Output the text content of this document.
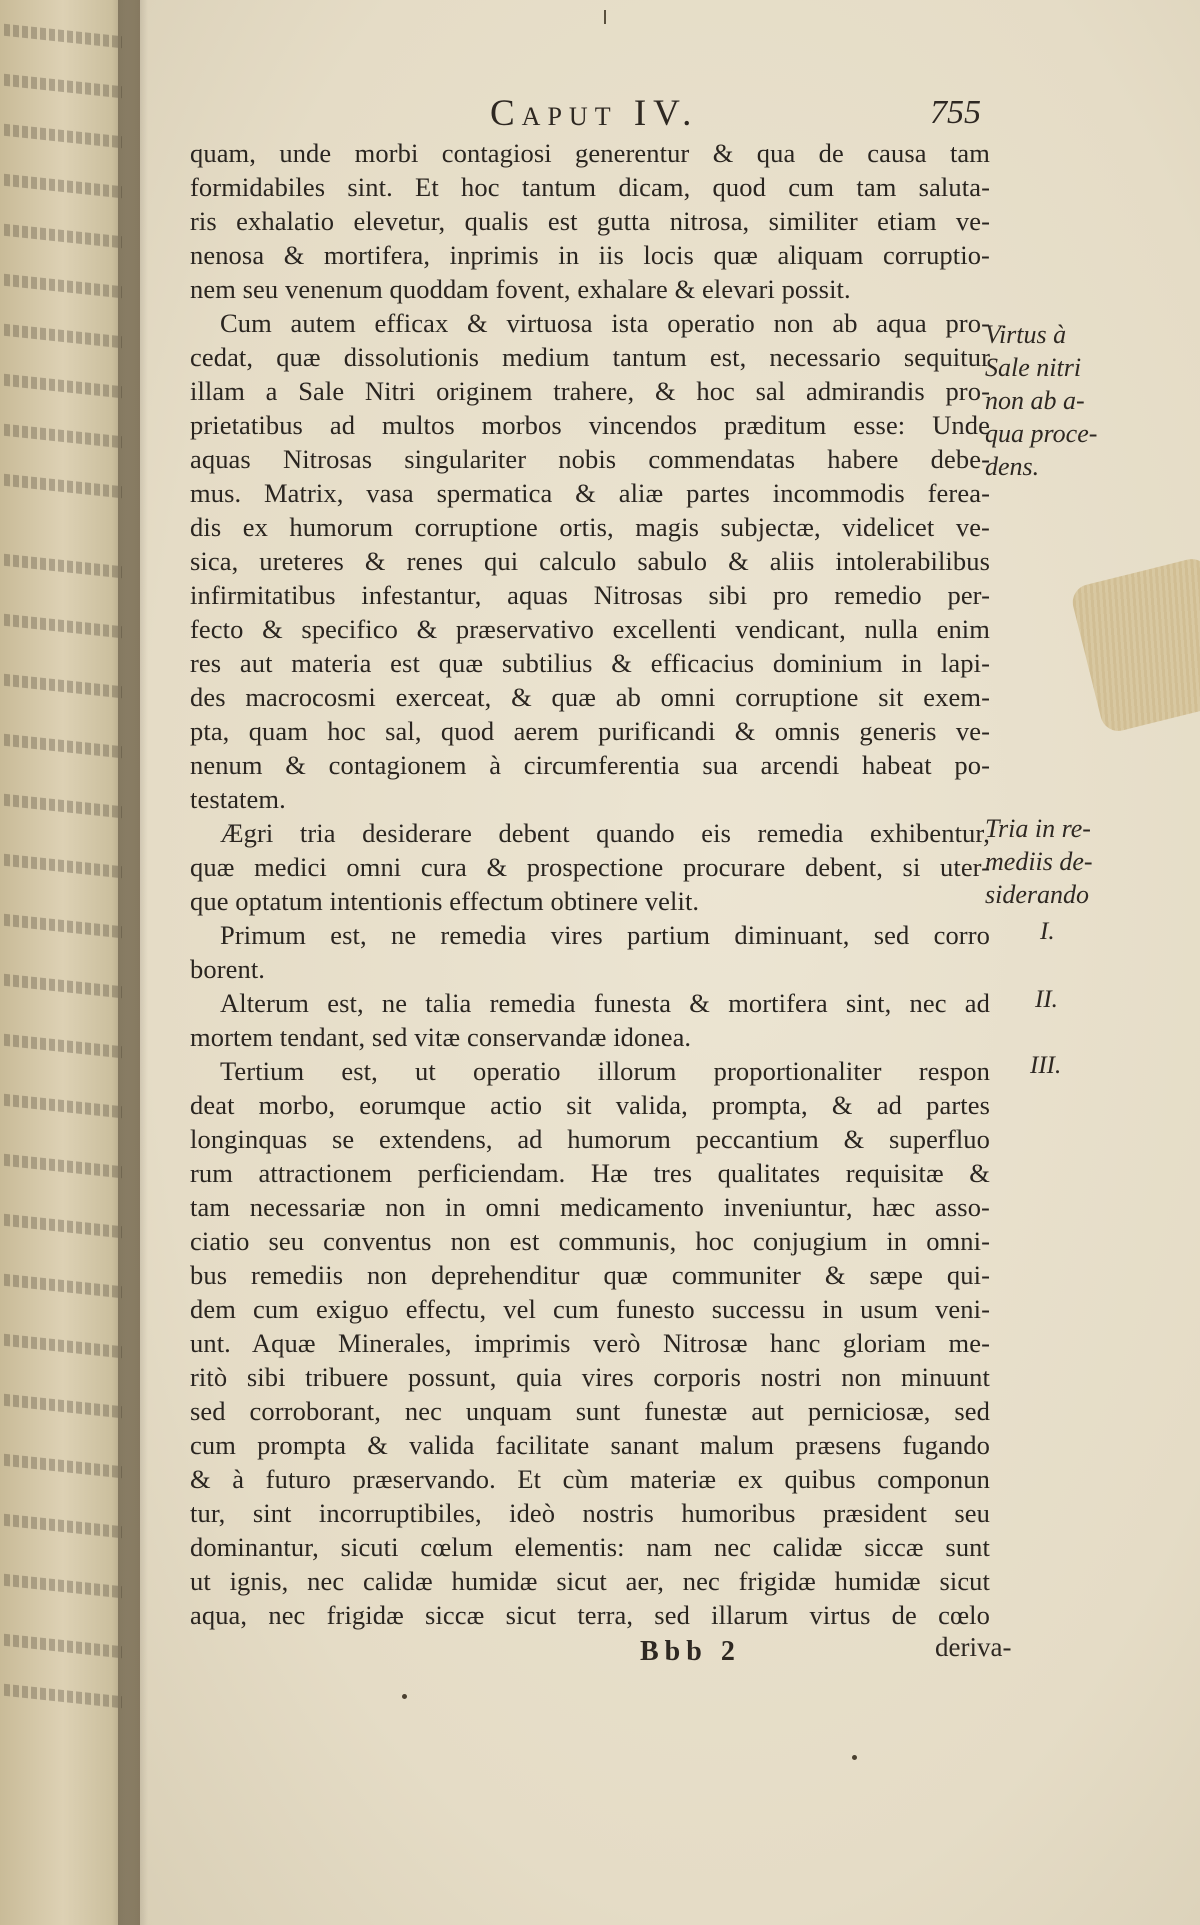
Caput IV.	755
quam, unde morbi contagiosi generentur & qua de causa tam
formidabiles sint. Et hoc tantum dicam, quod cum tam saluta-
ris exhalatio elevetur, qualis est gutta nitrosa, similiter etiam ve-
nenosa & mortifera, inprimis in iis locis quæ aliquam corruptio-
nem seu venenum quoddam fovent, exhalare & elevari possit.
Cum autem efficax & virtuosa ista operatio non ab aqua pro-
cedat, quæ dissolutionis medium tantum est, necessario sequitur
illam a Sale Nitri originem trahere, & hoc sal admirandis pro-
prietatibus ad multos morbos vincendos præditum esse: Unde
aquas Nitrosas singulariter nobis commendatas habere debe-
mus. Matrix, vasa spermatica & aliæ partes incommodis ferea-
dis ex humorum corruptione ortis, magis subjectæ, videlicet ve-
sica, ureteres & renes qui calculo sabulo & aliis intolerabilibus
infirmitatibus infestantur, aquas Nitrosas sibi pro remedio per-
fecto & specifico & præservativo excellenti vendicant, nulla enim
res aut materia est quæ subtilius & efficacius dominium in lapi-
des macrocosmi exerceat, & quæ ab omni corruptione sit exem-
pta, quam hoc sal, quod aerem purificandi & omnis generis ve-
nenum & contagionem à circumferentia sua arcendi habeat po-
testatem.
Ægri tria desiderare debent quando eis remedia exhibentur,
quæ medici omni cura & prospectione procurare debent, si uter-
que optatum intentionis effectum obtinere velit.
Primum est, ne remedia vires partium diminuant, sed corro
borent.
Alterum est, ne talia remedia funesta & mortifera sint, nec ad
mortem tendant, sed vitæ conservandæ idonea.
Tertium est, ut operatio illorum proportionaliter respon
deat morbo, eorumque actio sit valida, prompta, & ad partes
longinquas se extendens, ad humorum peccantium & superfluo
rum attractionem perficiendam. Hæ tres qualitates requisitæ &
tam necessariæ non in omni medicamento inveniuntur, hæc asso-
ciatio seu conventus non est communis, hoc conjugium in omni-
bus remediis non deprehenditur quæ communiter & sæpe qui-
dem cum exiguo effectu, vel cum funesto successu in usum veni-
unt. Aquæ Minerales, imprimis verò Nitrosæ hanc gloriam me-
ritò sibi tribuere possunt, quia vires corporis nostri non minuunt
sed corroborant, nec unquam sunt funestæ aut perniciosæ, sed
cum prompta & valida facilitate sanant malum præsens fugando
& à futuro præservando. Et cùm materiæ ex quibus componun
tur, sint incorruptibiles, ideò nostris humoribus præsident seu
dominantur, sicuti cœlum elementis: nam nec calidæ siccæ sunt
ut ignis, nec calidæ humidæ sicut aer, nec frigidæ humidæ sicut
aqua, nec frigidæ siccæ sicut terra, sed illarum virtus de cœlo
Virtus à
Sale nitri
non ab a-
qua proce-
dens.
Tria in re-
mediis de-
siderando
I.
II.
III.
Bbb 2	deriva-
